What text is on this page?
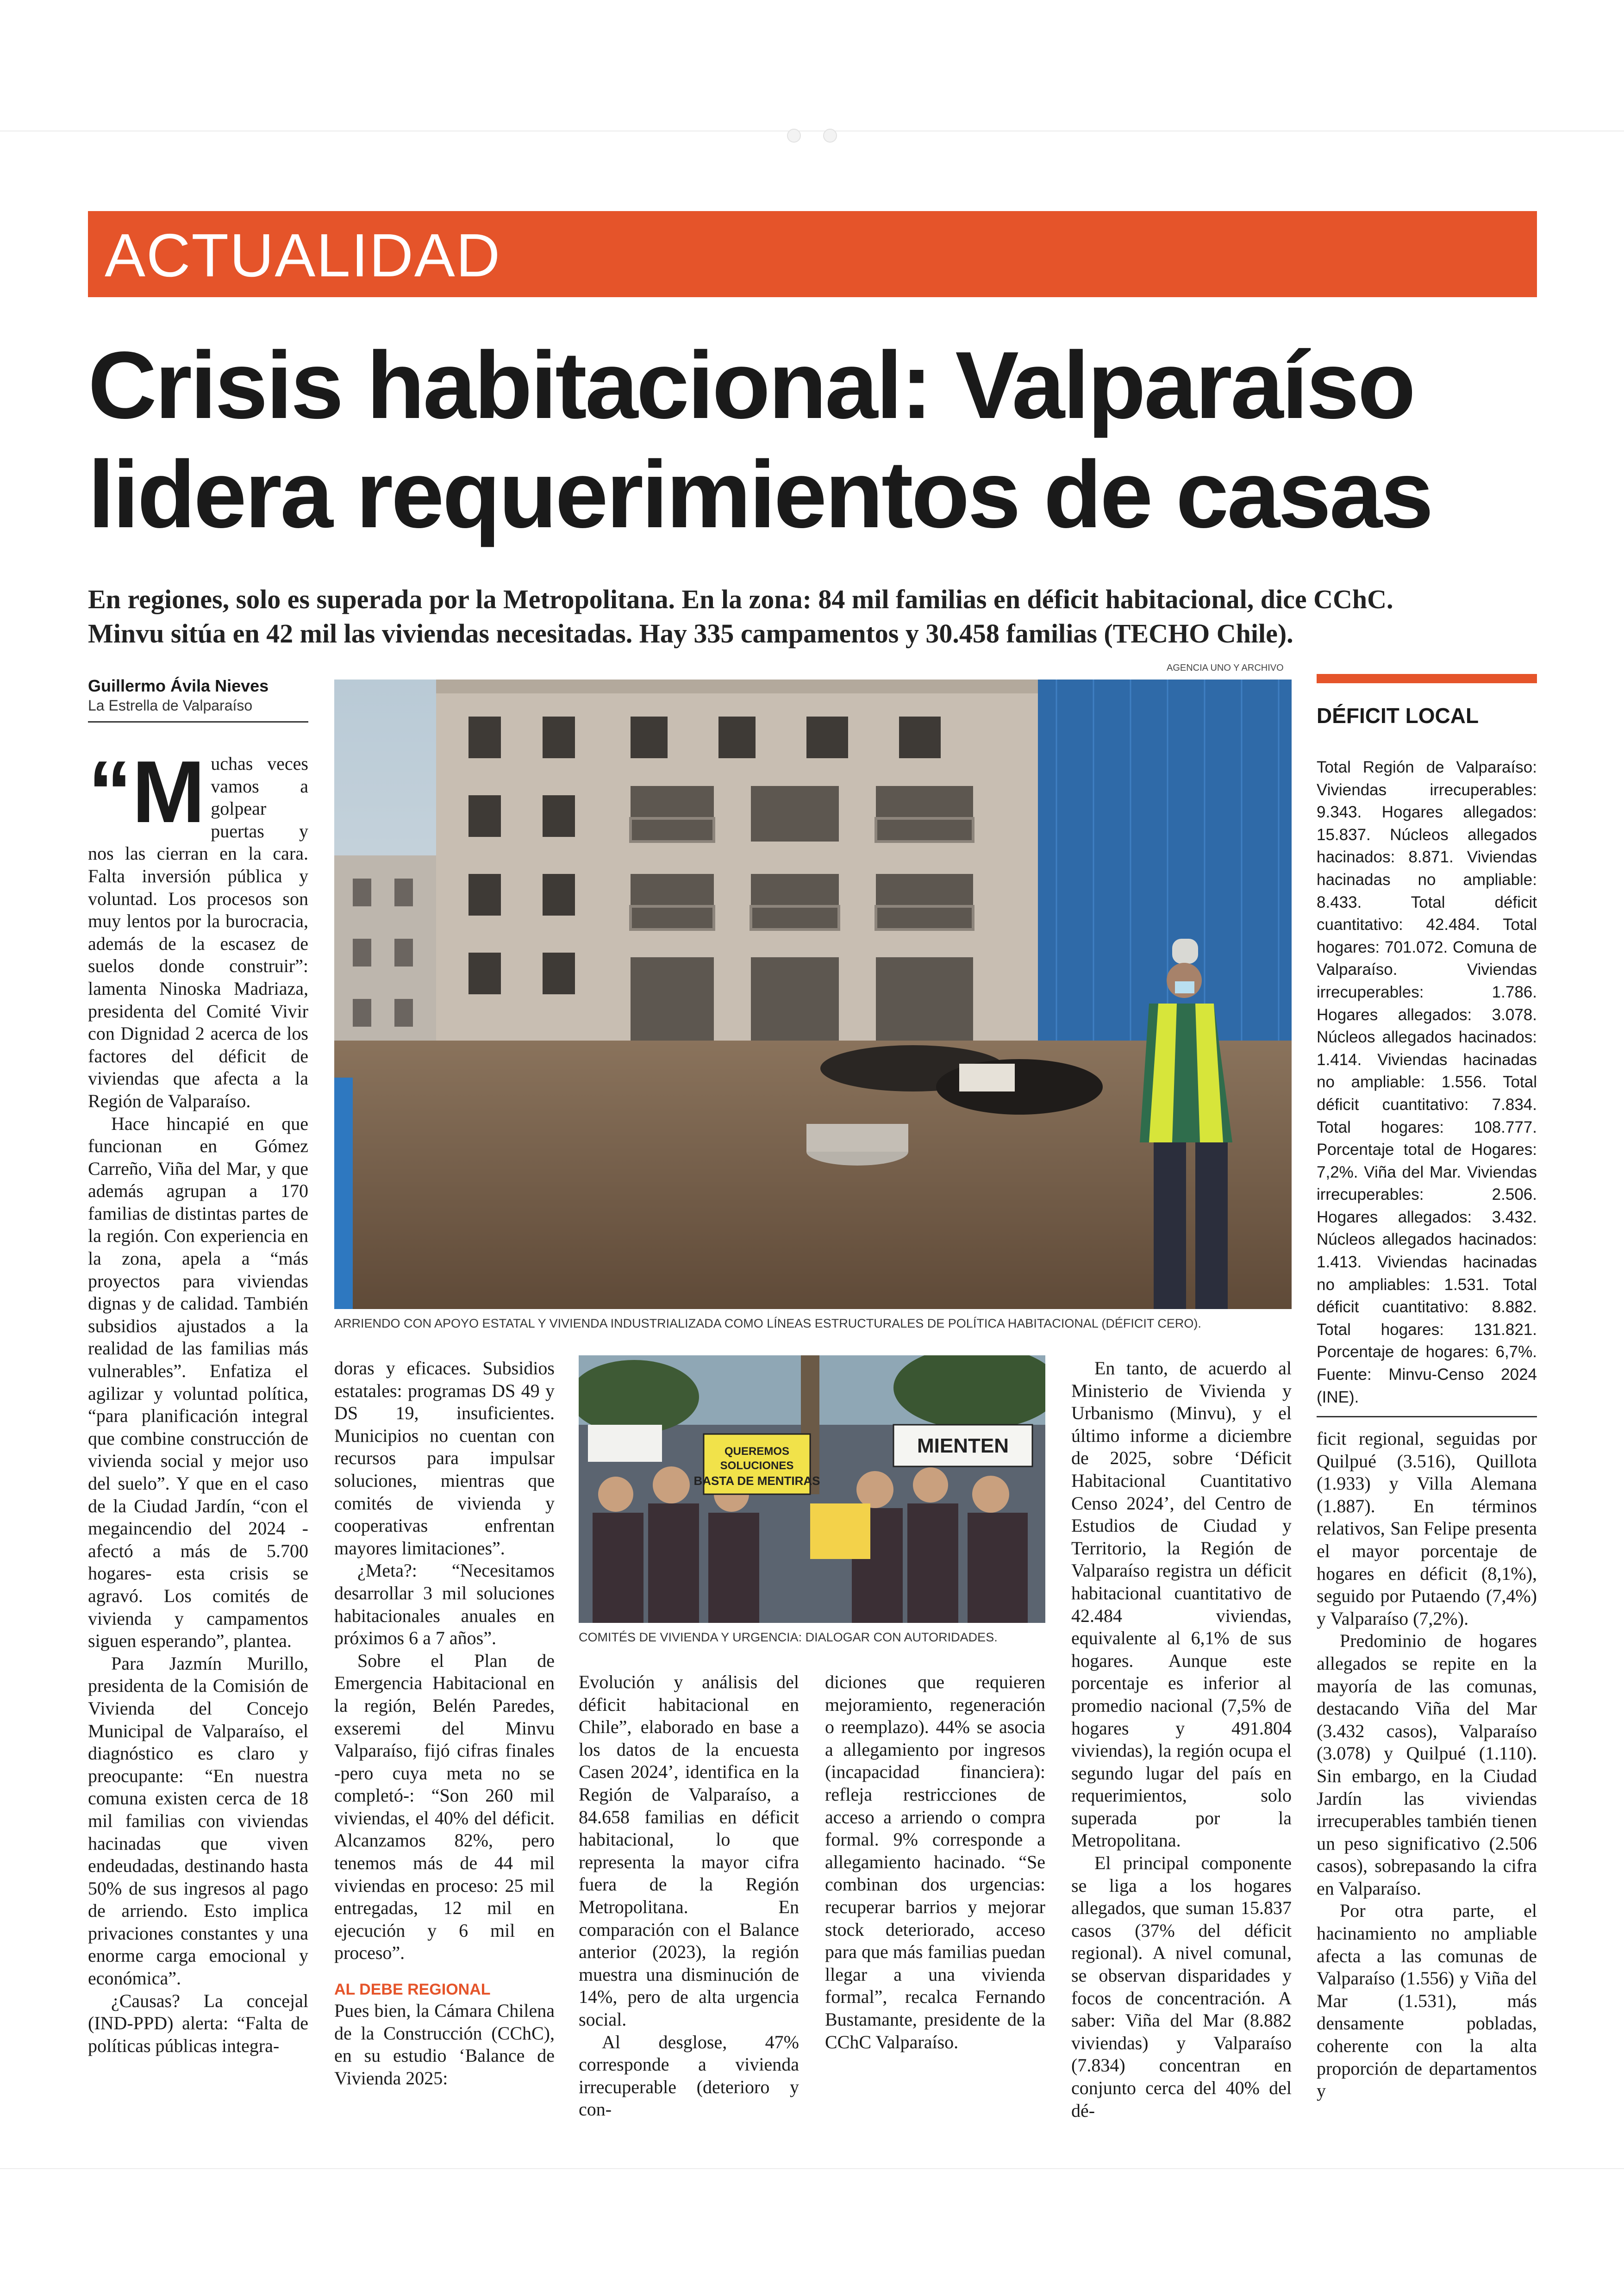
ACTUALIDAD
Crisis habitacional: Valparaíso
lidera requerimientos de casas
En regiones, solo es superada por la Metropolitana. En la zona: 84 mil familias en déficit habitacional, dice CChC.
Minvu sitúa en 42 mil las viviendas necesitadas. Hay 335 campamentos y 30.458 familias (TECHO Chile).
Guillermo Ávila Nieves
La Estrella de Valparaíso
AGENCIA UNO Y ARCHIVO
ARRIENDO CON APOYO ESTATAL Y VIVIENDA INDUSTRIALIZADA COMO LÍNEAS ESTRUCTURALES DE POLÍTICA HABITACIONAL (DÉFICIT CERO).
QUEREMOS
SOLUCIONES
BASTA DE MENTIRAS
MIENTEN
COMITÉS DE VIVIENDA Y URGENCIA: DIALOGAR CON AUTORIDADES.

“M uchas veces vamos a golpear puertas y nos las cierran en la cara. Falta inversión pública y voluntad. Los procesos son muy lentos por la burocracia, además de la escasez de suelos donde construir”: lamenta Ninoska Madriaza, presidenta del Comité Vivir con Dignidad 2 acerca de los factores del déficit de viviendas que afecta a la Región de Valparaíso.

Hace hincapié en que funcionan en Gómez Carreño, Viña del Mar, y que además agrupan a 170 familias de distintas partes de la región. Con experiencia en la zona, apela a “más proyectos para viviendas dignas y de calidad. También subsidios ajustados a la realidad de las familias más vulnerables”. Enfatiza el agilizar y voluntad política, “para planificación integral que combine construcción de vivienda social y mejor uso del suelo”. Y que en el caso de la Ciudad Jardín, “con el megaincendio del 2024 -afectó a más de 5.700 hogares- esta crisis se agravó. Los comités de vivienda y campamentos siguen esperando”, plantea.

Para Jazmín Murillo, presidenta de la Comisión de Vivienda del Concejo Municipal de Valparaíso, el diagnóstico es claro y preocupante: “En nuestra comuna existen cerca de 18 mil familias con viviendas hacinadas que viven endeudadas, destinando hasta 50% de sus ingresos al pago de arriendo. Esto implica privaciones constantes y una enorme carga emocional y económica”.

¿Causas? La concejal (IND-PPD) alerta: “Falta de políticas públicas integra-

doras y eficaces. Subsidios estatales: programas DS 49 y DS 19, insuficientes. Municipios no cuentan con recursos para impulsar soluciones, mientras que comités de vivienda y cooperativas enfrentan mayores limitaciones”.

¿Meta?: “Necesitamos desarrollar 3 mil soluciones habitacionales anuales en próximos 6 a 7 años”.

Sobre el Plan de Emergencia Habitacional en la región, Belén Paredes, exseremi del Minvu Valparaíso, fijó cifras finales -pero cuya meta no se completó-: “Son 260 mil viviendas, el 40% del déficit. Alcanzamos 82%, pero tenemos más de 44 mil viviendas en proceso: 25 mil entregadas, 12 mil en ejecución y 6 mil en proceso”.

AL DEBE REGIONAL

Pues bien, la Cámara Chilena de la Construcción (CChC), en su estudio ‘Balance de Vivienda 2025:

Evolución y análisis del déficit habitacional en Chile”, elaborado en base a los datos de la encuesta Casen 2024’, identifica en la Región de Valparaíso, a 84.658 familias en déficit habitacional, lo que representa la mayor cifra fuera de la Región Metropolitana. En comparación con el Balance anterior (2023), la región muestra una disminución de 14%, pero de alta urgencia social.

Al desglose, 47% corresponde a vivienda irrecuperable (deterioro y con-

diciones que requieren mejoramiento, regeneración o reemplazo). 44% se asocia a allegamiento por ingresos (incapacidad financiera): refleja restricciones de acceso a arriendo o compra formal. 9% corresponde a allegamiento hacinado. “Se combinan dos urgencias: recuperar barrios y mejorar stock deteriorado, acceso para que más familias puedan llegar a una vivienda formal”, recalca Fernando Bustamante, presidente de la CChC Valparaíso.

En tanto, de acuerdo al Ministerio de Vivienda y Urbanismo (Minvu), y el último informe a diciembre de 2025, sobre ‘Déficit Habitacional Cuantitativo Censo 2024’, del Centro de Estudios de Ciudad y Territorio, la Región de Valparaíso registra un déficit habitacional cuantitativo de 42.484 viviendas, equivalente al 6,1% de sus hogares. Aunque este porcentaje es inferior al promedio nacional (7,5% de hogares y 491.804 viviendas), la región ocupa el segundo lugar del país en requerimientos, solo superada por la Metropolitana.

El principal componente se liga a los hogares allegados, que suman 15.837 casos (37% del déficit regional). A nivel comunal, se observan disparidades y focos de concentración. A saber: Viña del Mar (8.882 viviendas) y Valparaíso (7.834) concentran en conjunto cerca del 40% del dé-

ficit regional, seguidas por Quilpué (3.516), Quillota (1.933) y Villa Alemana (1.887). En términos relativos, San Felipe presenta el mayor porcentaje de hogares en déficit (8,1%), seguido por Putaendo (7,4%) y Valparaíso (7,2%).

Predominio de hogares allegados se repite en la mayoría de las comunas, destacando Viña del Mar (3.432 casos), Valparaíso (3.078) y Quilpué (1.110). Sin embargo, en la Ciudad Jardín las viviendas irrecuperables también tienen un peso significativo (2.506 casos), sobrepasando la cifra en Valparaíso.

Por otra parte, el hacinamiento no ampliable afecta a las comunas de Valparaíso (1.556) y Viña del Mar (1.531), más densamente pobladas, coherente con la alta proporción de departamentos y

DÉFICIT LOCAL
Total Región de Valparaíso: Viviendas irrecuperables: 9.343. Hogares allegados: 15.837. Núcleos allegados hacinados: 8.871. Viviendas hacinadas no ampliable: 8.433. Total déficit cuantitativo: 42.484. Total hogares: 701.072. Comuna de Valparaíso. Viviendas irrecuperables: 1.786. Hogares allegados: 3.078. Núcleos allegados hacinados: 1.414. Viviendas hacinadas no ampliable: 1.556. Total déficit cuantitativo: 7.834. Total hogares: 108.777. Porcentaje total de Hogares: 7,2%. Viña del Mar. Viviendas irrecuperables: 2.506. Hogares allegados: 3.432. Núcleos allegados hacinados: 1.413. Viviendas hacinadas no ampliables: 1.531. Total déficit cuantitativo: 8.882. Total hogares: 131.821. Porcentaje de hogares: 6,7%. Fuente: Minvu-Censo 2024 (INE).
